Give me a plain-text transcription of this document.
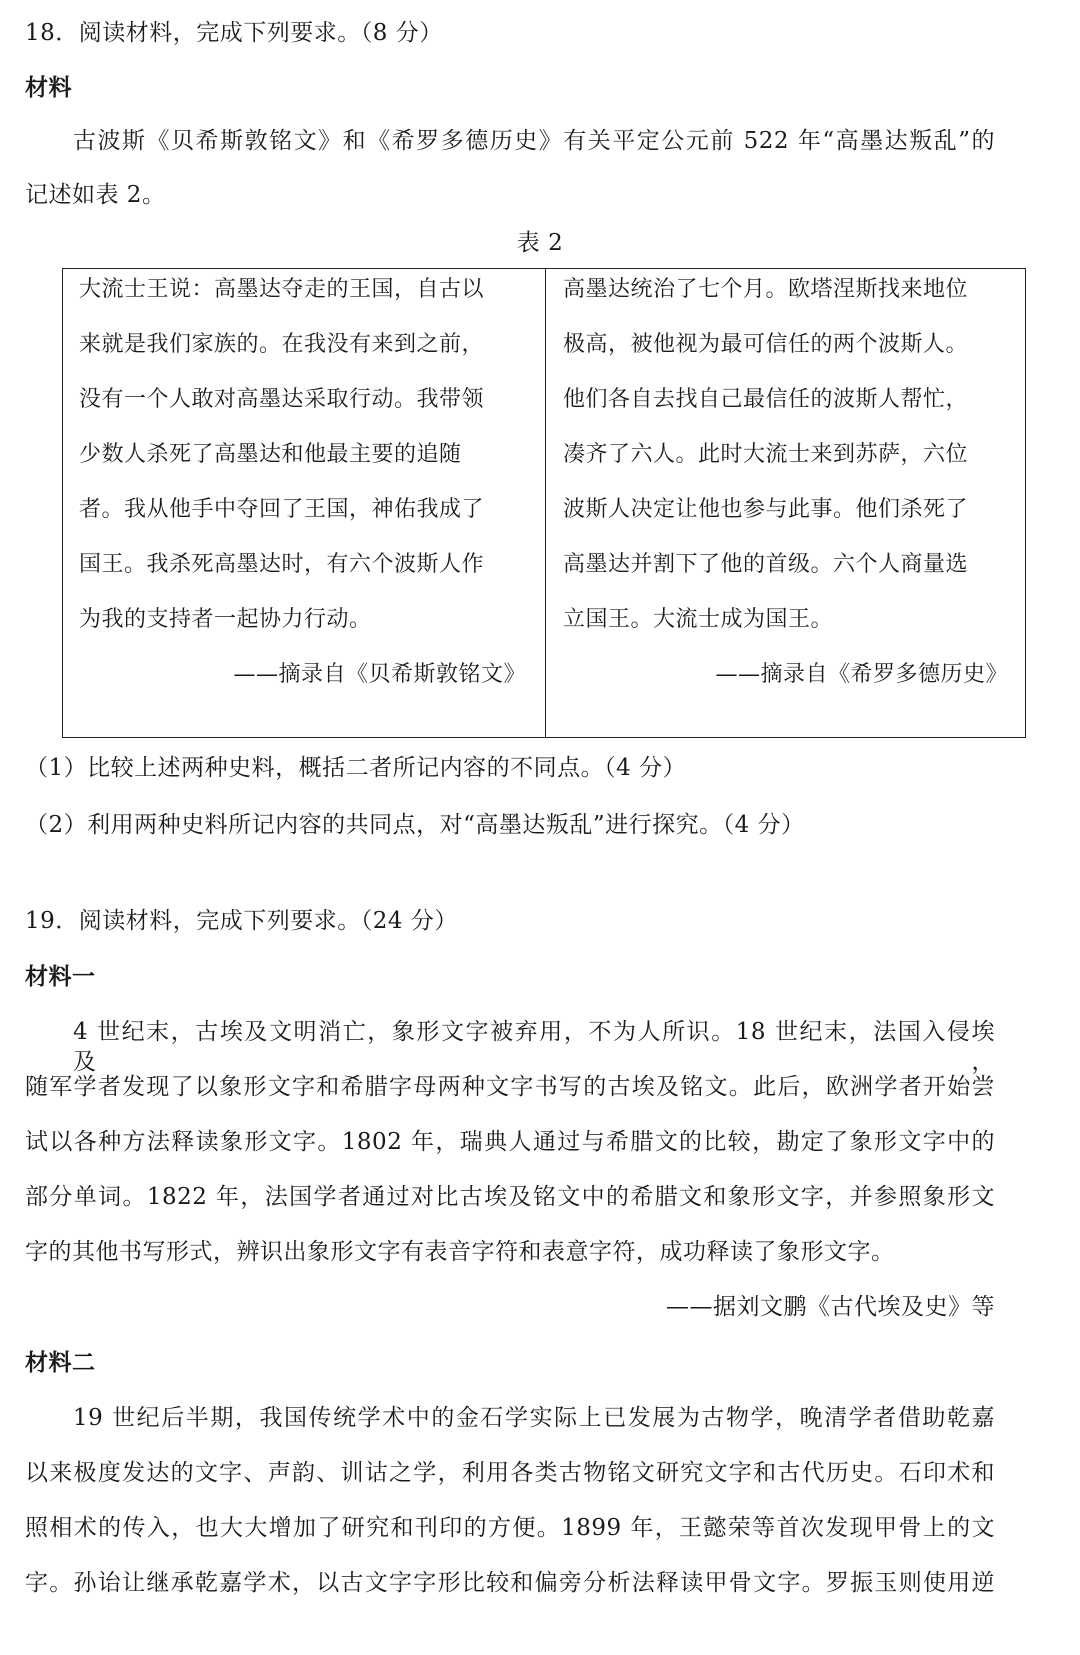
18．阅读材料，完成下列要求。（8 分）
材料
古波斯《贝希斯敦铭文》和《希罗多德历史》有关平定公元前 522 年“高墨达叛乱”的
记述如表 2。
表 2
大流士王说：高墨达夺走的王国，自古以
来就是我们家族的。在我没有来到之前，
没有一个人敢对高墨达采取行动。我带领
少数人杀死了高墨达和他最主要的追随
者。我从他手中夺回了王国，神佑我成了
国王。我杀死高墨达时，有六个波斯人作
为我的支持者一起协力行动。
——摘录自《贝希斯敦铭文》
高墨达统治了七个月。欧塔涅斯找来地位
极高，被他视为最可信任的两个波斯人。
他们各自去找自己最信任的波斯人帮忙，
凑齐了六人。此时大流士来到苏萨，六位
波斯人决定让他也参与此事。他们杀死了
高墨达并割下了他的首级。六个人商量选
立国王。大流士成为国王。
——摘录自《希罗多德历史》
（1）比较上述两种史料，概括二者所记内容的不同点。（4 分）
（2）利用两种史料所记内容的共同点，对“高墨达叛乱”进行探究。（4 分）
19．阅读材料，完成下列要求。（24 分）
材料一
4 世纪末，古埃及文明消亡，象形文字被弃用，不为人所识。18 世纪末，法国入侵埃及，
随军学者发现了以象形文字和希腊字母两种文字书写的古埃及铭文。此后，欧洲学者开始尝
试以各种方法释读象形文字。1802 年，瑞典人通过与希腊文的比较，勘定了象形文字中的
部分单词。1822 年，法国学者通过对比古埃及铭文中的希腊文和象形文字，并参照象形文
字的其他书写形式，辨识出象形文字有表音字符和表意字符，成功释读了象形文字。
——据刘文鹏《古代埃及史》等
材料二
19 世纪后半期，我国传统学术中的金石学实际上已发展为古物学，晚清学者借助乾嘉
以来极度发达的文字、声韵、训诂之学，利用各类古物铭文研究文字和古代历史。石印术和
照相术的传入，也大大增加了研究和刊印的方便。1899 年，王懿荣等首次发现甲骨上的文
字。孙诒让继承乾嘉学术，以古文字字形比较和偏旁分析法释读甲骨文字。罗振玉则使用逆
